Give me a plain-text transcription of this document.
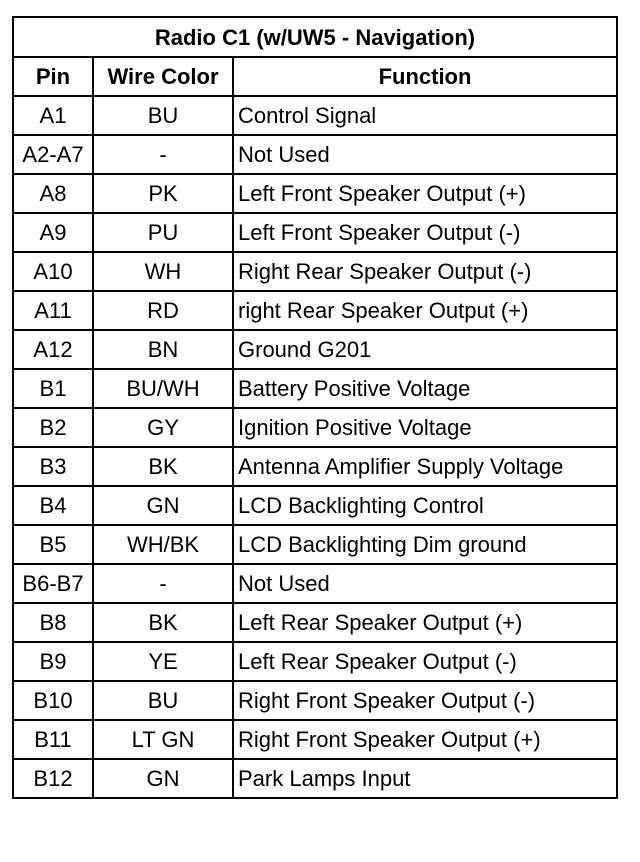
Radio C1 (w/UW5 - Navigation)		
Pin	Wire Color	Function
A1	BU	Control Signal
A2-A7	-	Not Used
A8	PK	Left Front Speaker Output (+)
A9	PU	Left Front Speaker Output (-)
A10	WH	Right Rear Speaker Output (-)
A11	RD	right Rear Speaker Output (+)
A12	BN	Ground G201
B1	BU/WH	Battery Positive Voltage
B2	GY	Ignition Positive Voltage
B3	BK	Antenna Amplifier Supply Voltage
B4	GN	LCD Backlighting Control
B5	WH/BK	LCD Backlighting Dim ground
B6-B7	-	Not Used
B8	BK	Left Rear Speaker Output (+)
B9	YE	Left Rear Speaker Output (-)
B10	BU	Right Front Speaker Output (-)
B11	LT GN	Right Front Speaker Output (+)
B12	GN	Park Lamps Input
